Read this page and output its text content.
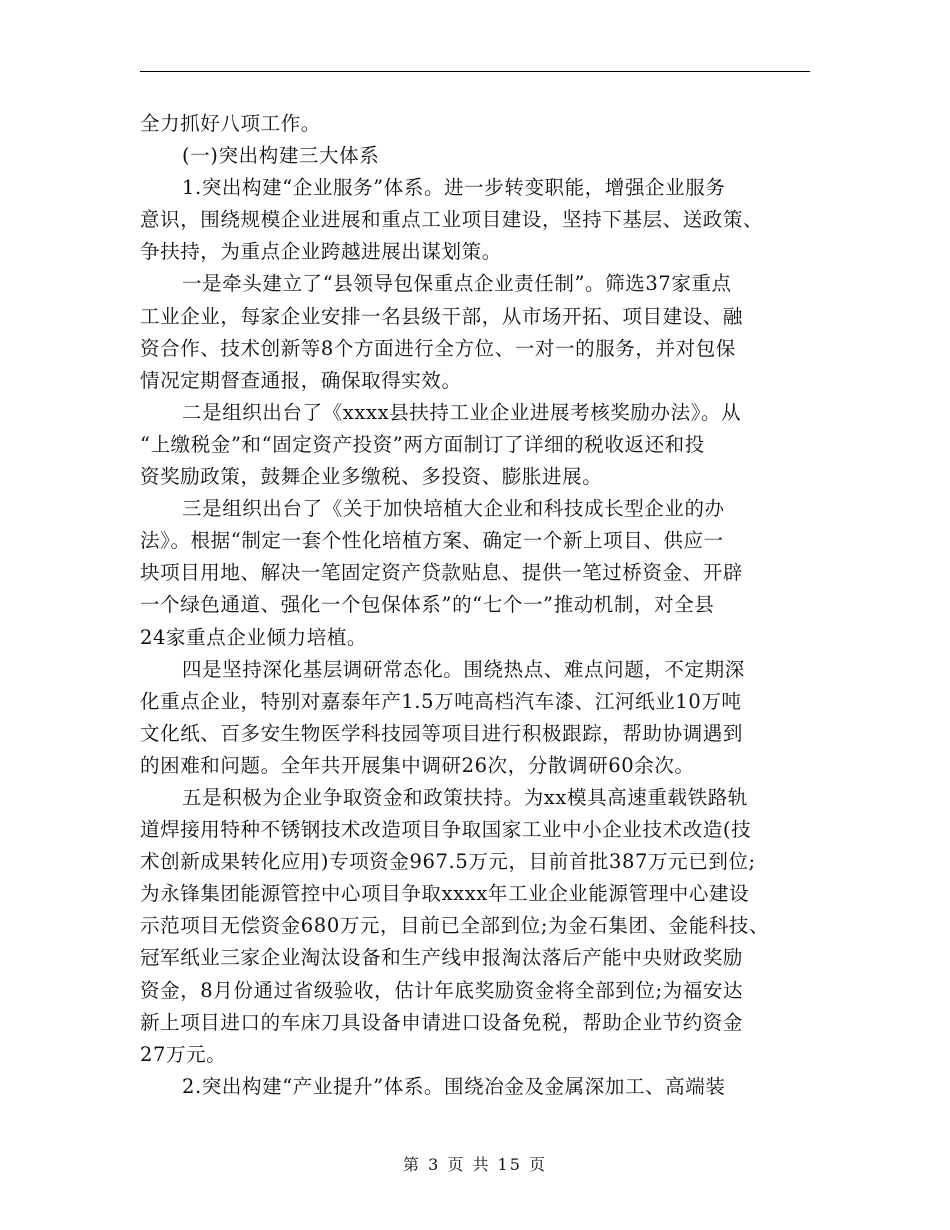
全力抓好八项工作。
(一)突出构建三大体系
1.突出构建“企业服务”体系。进一步转变职能，增强企业服务
意识，围绕规模企业进展和重点工业项目建设，坚持下基层、送政策、
争扶持，为重点企业跨越进展出谋划策。
一是牵头建立了“县领导包保重点企业责任制”。筛选37家重点
工业企业，每家企业安排一名县级干部，从市场开拓、项目建设、融
资合作、技术创新等8个方面进行全方位、一对一的服务，并对包保
情况定期督查通报，确保取得实效。
二是组织出台了《xxxx县扶持工业企业进展考核奖励办法》。从
“上缴税金”和“固定资产投资”两方面制订了详细的税收返还和投
资奖励政策，鼓舞企业多缴税、多投资、膨胀进展。
三是组织出台了《关于加快培植大企业和科技成长型企业的办
法》。根据“制定一套个性化培植方案、确定一个新上项目、供应一
块项目用地、解决一笔固定资产贷款贴息、提供一笔过桥资金、开辟
一个绿色通道、强化一个包保体系”的“七个一”推动机制，对全县
24家重点企业倾力培植。
四是坚持深化基层调研常态化。围绕热点、难点问题，不定期深
化重点企业，特别对嘉泰年产1.5万吨高档汽车漆、江河纸业10万吨
文化纸、百多安生物医学科技园等项目进行积极跟踪，帮助协调遇到
的困难和问题。全年共开展集中调研26次，分散调研60余次。
五是积极为企业争取资金和政策扶持。为xx模具高速重载铁路轨
道焊接用特种不锈钢技术改造项目争取国家工业中小企业技术改造(技
术创新成果转化应用)专项资金967.5万元，目前首批387万元已到位;
为永锋集团能源管控中心项目争取xxxx年工业企业能源管理中心建设
示范项目无偿资金680万元，目前已全部到位;为金石集团、金能科技、
冠军纸业三家企业淘汰设备和生产线申报淘汰落后产能中央财政奖励
资金，8月份通过省级验收，估计年底奖励资金将全部到位;为福安达
新上项目进口的车床刀具设备申请进口设备免税，帮助企业节约资金
27万元。
2.突出构建“产业提升”体系。围绕冶金及金属深加工、高端装
第 3 页 共 15 页
